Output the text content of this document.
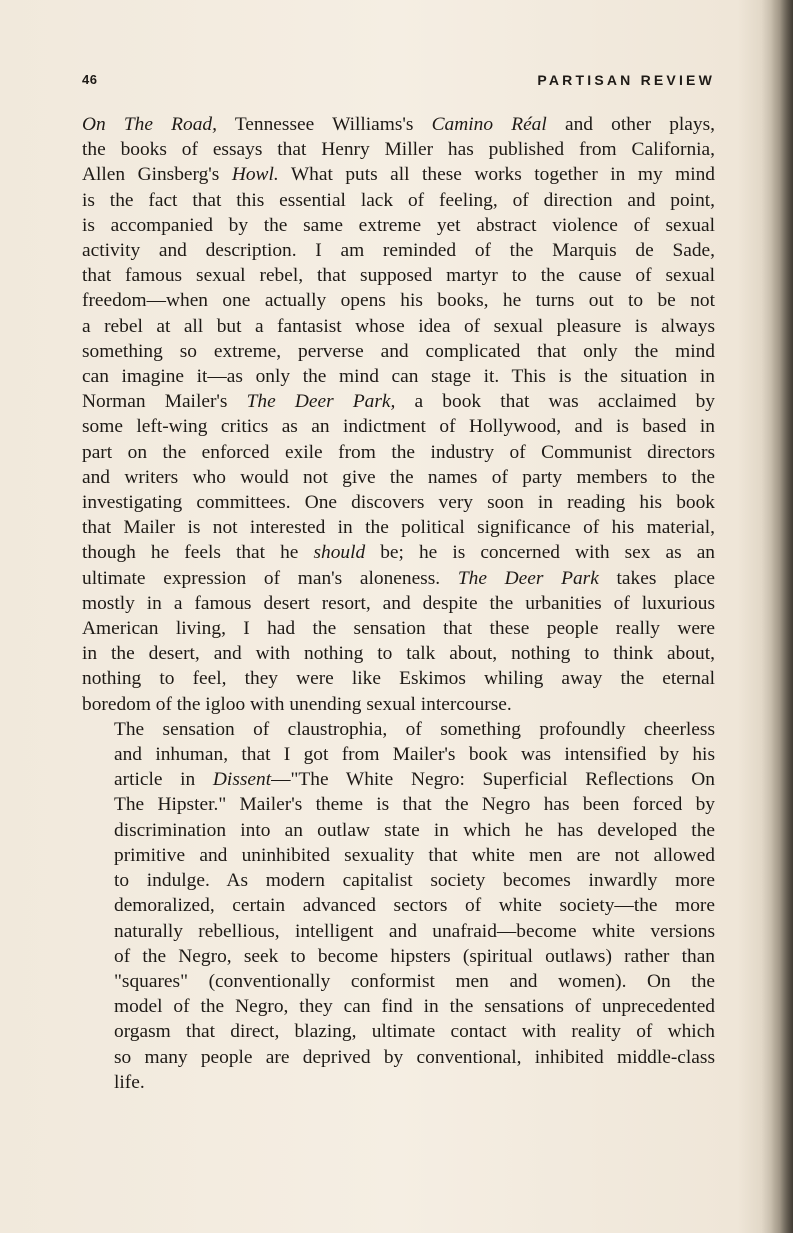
46	PARTISAN REVIEW

On The Road, Tennessee Williams's Camino Réal and other plays,
the books of essays that Henry Miller has published from California,
Allen Ginsberg's Howl. What puts all these works together in my mind
is the fact that this essential lack of feeling, of direction and point,
is accompanied by the same extreme yet abstract violence of sexual
activity and description. I am reminded of the Marquis de Sade,
that famous sexual rebel, that supposed martyr to the cause of sexual
freedom—when one actually opens his books, he turns out to be not
a rebel at all but a fantasist whose idea of sexual pleasure is always
something so extreme, perverse and complicated that only the mind
can imagine it—as only the mind can stage it. This is the situation in
Norman Mailer's The Deer Park, a book that was acclaimed by
some left-wing critics as an indictment of Hollywood, and is based in
part on the enforced exile from the industry of Communist directors
and writers who would not give the names of party members to the
investigating committees. One discovers very soon in reading his book
that Mailer is not interested in the political significance of his material,
though he feels that he should be; he is concerned with sex as an
ultimate expression of man's aloneness. The Deer Park takes place
mostly in a famous desert resort, and despite the urbanities of luxurious
American living, I had the sensation that these people really were
in the desert, and with nothing to talk about, nothing to think about,
nothing to feel, they were like Eskimos whiling away the eternal
boredom of the igloo with unending sexual intercourse.

The sensation of claustrophia, of something profoundly cheerless
and inhuman, that I got from Mailer's book was intensified by his
article in Dissent—"The White Negro: Superficial Reflections On
The Hipster." Mailer's theme is that the Negro has been forced by
discrimination into an outlaw state in which he has developed the
primitive and uninhibited sexuality that white men are not allowed
to indulge. As modern capitalist society becomes inwardly more
demoralized, certain advanced sectors of white society—the more
naturally rebellious, intelligent and unafraid—become white versions
of the Negro, seek to become hipsters (spiritual outlaws) rather than
"squares" (conventionally conformist men and women). On the
model of the Negro, they can find in the sensations of unprecedented
orgasm that direct, blazing, ultimate contact with reality of which
so many people are deprived by conventional, inhibited middle-class
life.
